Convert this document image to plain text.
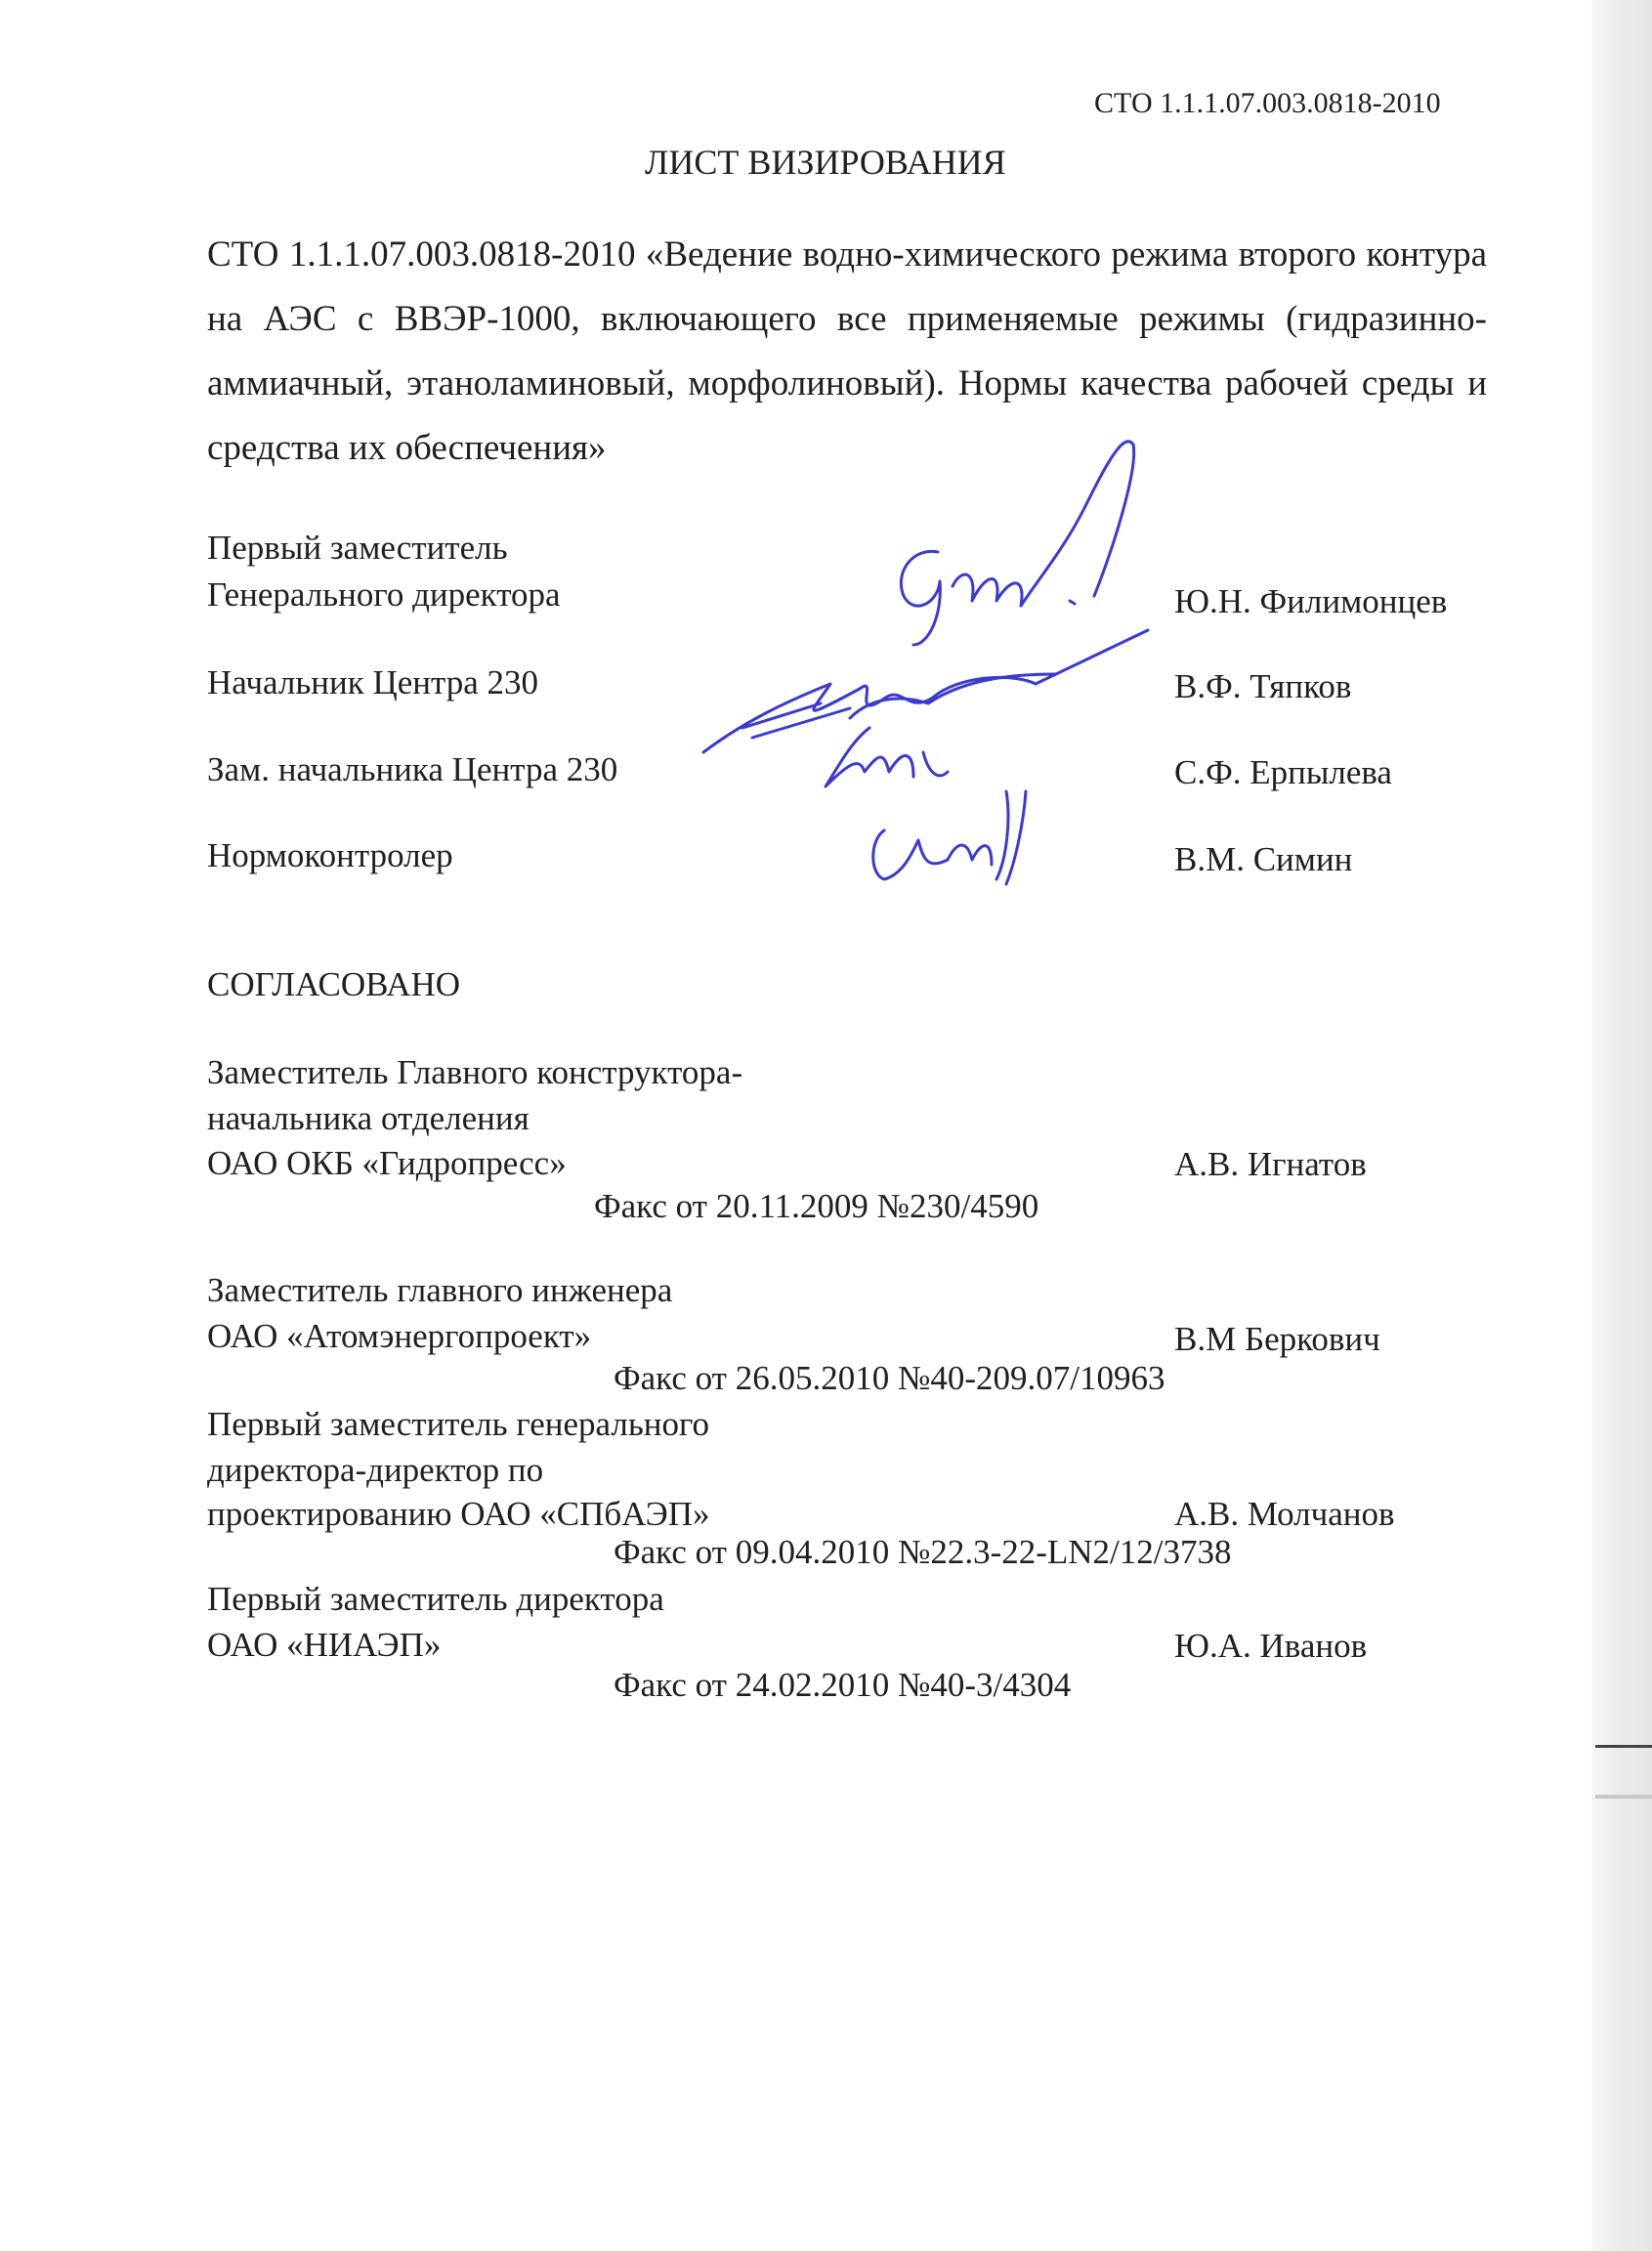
СТО 1.1.1.07.003.0818-2010
ЛИСТ ВИЗИРОВАНИЯ
СТО 1.1.1.07.003.0818-2010 «Ведение водно-химического режима второго контура на АЭС с ВВЭР-1000, включающего все применяемые режимы (гидразинно-аммиачный, этаноламиновый, морфолиновый). Нормы качества рабочей среды и средства их обеспечения»
Первый заместитель
Генерального директора	Ю.Н. Филимонцев
Начальник Центра 230	В.Ф. Тяпков
Зам. начальника Центра 230	С.Ф. Ерпылева
Нормоконтролер	В.М. Симин
СОГЛАСОВАНО
Заместитель Главного конструктора-
начальника отделения
ОАО ОКБ «Гидропресс»	А.В. Игнатов
Факс от 20.11.2009 №230/4590
Заместитель главного инженера
ОАО «Атомэнергопроект»	В.М Беркович
Факс от 26.05.2010 №40-209.07/10963
Первый заместитель генерального
директора-директор по
проектированию ОАО «СПбАЭП»	А.В. Молчанов
Факс от 09.04.2010 №22.3-22-LN2/12/3738
Первый заместитель директора
ОАО «НИАЭП»	Ю.А. Иванов
Факс от 24.02.2010 №40-3/4304
